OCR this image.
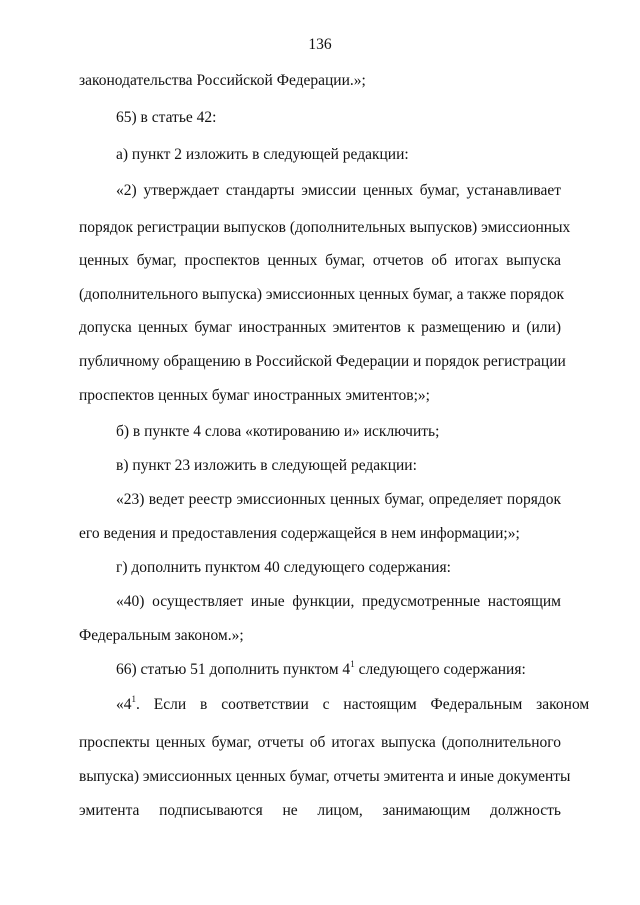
136
законодательства Российской Федерации.»;
65) в статье 42:
а) пункт 2 изложить в следующей редакции:
«2) утверждает стандарты эмиссии ценных бумаг, устанавливает
порядок регистрации выпусков (дополнительных выпусков) эмиссионных
ценных бумаг, проспектов ценных бумаг, отчетов об итогах выпуска
(дополнительного выпуска) эмиссионных ценных бумаг, а также порядок
допуска ценных бумаг иностранных эмитентов к размещению и (или)
публичному обращению в Российской Федерации и порядок регистрации
проспектов ценных бумаг иностранных эмитентов;»;
б) в пункте 4 слова «котированию и» исключить;
в) пункт 23 изложить в следующей редакции:
«23) ведет реестр эмиссионных ценных бумаг, определяет порядок
его ведения и предоставления содержащейся в нем информации;»;
г) дополнить пунктом 40 следующего содержания:
«40) осуществляет иные функции, предусмотренные настоящим
Федеральным законом.»;
66) статью 51 дополнить пунктом $4^1$ следующего содержания:
«$4^1$. Если в соответствии с настоящим Федеральным законом
проспекты ценных бумаг, отчеты об итогах выпуска (дополнительного
выпуска) эмиссионных ценных бумаг, отчеты эмитента и иные документы
эмитента подписываются не лицом, занимающим должность
